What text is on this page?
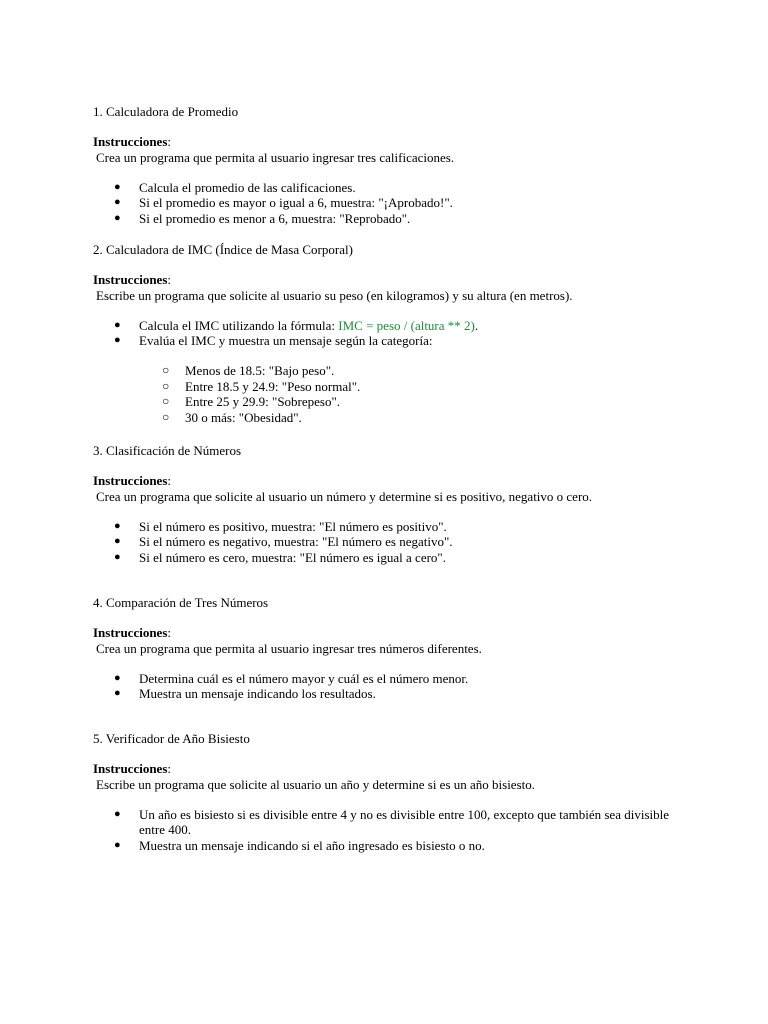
1. Calculadora de Promedio
Instrucciones:
Crea un programa que permita al usuario ingresar tres calificaciones.
● Calcula el promedio de las calificaciones.
● Si el promedio es mayor o igual a 6, muestra: "¡Aprobado!".
● Si el promedio es menor a 6, muestra: "Reprobado".
2. Calculadora de IMC (Índice de Masa Corporal)
Instrucciones:
Escribe un programa que solicite al usuario su peso (en kilogramos) y su altura (en metros).
● Calcula el IMC utilizando la fórmula: IMC = peso / (altura ** 2).
● Evalúa el IMC y muestra un mensaje según la categoría:
○ Menos de 18.5: "Bajo peso".
○ Entre 18.5 y 24.9: "Peso normal".
○ Entre 25 y 29.9: "Sobrepeso".
○ 30 o más: "Obesidad".
3. Clasificación de Números
Instrucciones:
Crea un programa que solicite al usuario un número y determine si es positivo, negativo o cero.
● Si el número es positivo, muestra: "El número es positivo".
● Si el número es negativo, muestra: "El número es negativo".
● Si el número es cero, muestra: "El número es igual a cero".
4. Comparación de Tres Números
Instrucciones:
Crea un programa que permita al usuario ingresar tres números diferentes.
● Determina cuál es el número mayor y cuál es el número menor.
● Muestra un mensaje indicando los resultados.
5. Verificador de Año Bisiesto
Instrucciones:
Escribe un programa que solicite al usuario un año y determine si es un año bisiesto.
● Un año es bisiesto si es divisible entre 4 y no es divisible entre 100, excepto que también sea divisible entre 400.
● Muestra un mensaje indicando si el año ingresado es bisiesto o no.
